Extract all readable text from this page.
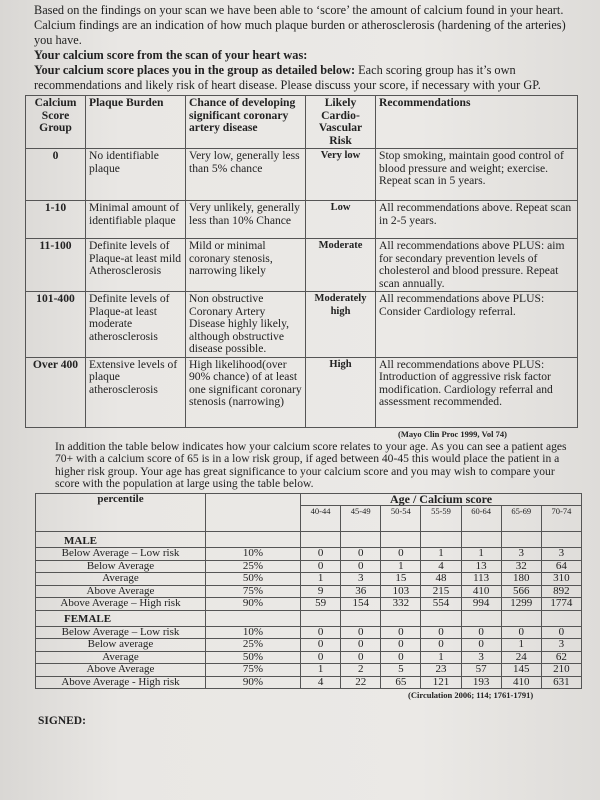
Based on the findings on your scan we have been able to ‘score’ the amount of calcium found in your heart. Calcium findings are an indication of how much plaque burden or atherosclerosis (hardening of the arteries) you have.

Your calcium score from the scan of your heart was:

Your calcium score places you in the group as detailed below: Each scoring group has it’s own recommendations and likely risk of heart disease. Please discuss your score, if necessary with your GP.

Calcium Score Group	Plaque Burden	Chance of developing significant coronary artery disease	Likely Cardio-Vascular Risk	Recommendations
0	No identifiable plaque	Very low, generally less than 5% chance	Very low	Stop smoking, maintain good control of blood pressure and weight; exercise. Repeat scan in 5 years.
1-10	Minimal amount of identifiable plaque	Very unlikely, generally less than 10% Chance	Low	All recommendations above. Repeat scan in 2-5 years.
11-100	Definite levels of Plaque-at least mild Atherosclerosis	Mild or minimal coronary stenosis, narrowing likely	Moderate	All recommendations above PLUS: aim for secondary prevention levels of cholesterol and blood pressure. Repeat scan annually.
101-400	Definite levels of Plaque-at least moderate atherosclerosis	Non obstructive Coronary Artery Disease highly likely, although obstructive disease possible.	Moderately high	All recommendations above PLUS: Consider Cardiology referral.
Over 400	Extensive levels of plaque atherosclerosis	High likelihood(over 90% chance) of at least one significant coronary stenosis (narrowing)	High	All recommendations above PLUS: Introduction of aggressive risk factor modification. Cardiology referral and assessment recommended.

(Mayo Clin Proc 1999, Vol 74)

In addition the table below indicates how your calcium score relates to your age. As you can see a patient ages 70+ with a calcium score of 65 is in a low risk group, if aged between 40-45 this would place the patient in a higher risk group. Your age has great significance to your calcium score and you may wish to compare your score with the population at large using the table below.

percentile		Age / Calcium score						
		40-44	45-49	50-54	55-59	60-64	65-69	70-74
MALE								
Below Average – Low risk	10%	0	0	0	1	1	3	3
Below Average	25%	0	0	1	4	13	32	64
Average	50%	1	3	15	48	113	180	310
Above Average	75%	9	36	103	215	410	566	892
Above Average – High risk	90%	59	154	332	554	994	1299	1774
FEMALE								
Below Average – Low risk	10%	0	0	0	0	0	0	0
Below average	25%	0	0	0	0	0	1	3
Average	50%	0	0	0	1	3	24	62
Above Average	75%	1	2	5	23	57	145	210
Above Average - High risk	90%	4	22	65	121	193	410	631

(Circulation 2006; 114; 1761-1791)

SIGNED:
